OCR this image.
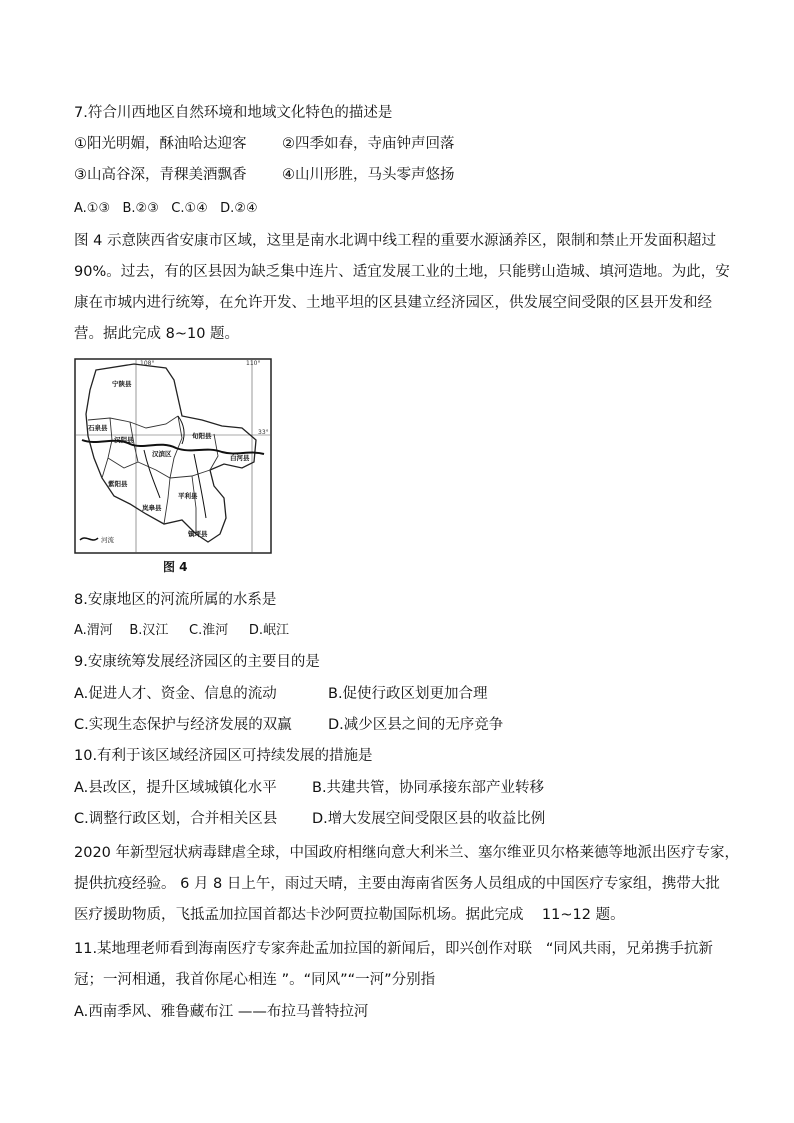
7.符合川西地区自然环境和地域文化特色的描述是
①阳光明媚，酥油哈达迎客 ②四季如春，寺庙钟声回落
③山高谷深，青稞美酒飘香 ④山川形胜，马头零声悠扬
A.①③   B.②③   C.①④   D.②④
图 4 示意陕西省安康市区域，这里是南水北调中线工程的重要水源涵养区，限制和禁止开发面积超过
90%。过去，有的区县因为缺乏集中连片、适宜发展工业的土地，只能劈山造城、填河造地。为此，安
康在市城内进行统筹，在允许开发、土地平坦的区县建立经济园区，供发展空间受限的区县开发和经
营。据此完成 8~10 题。
108°	110°
33°
宁陕县
石泉县
汉阴县
汉滨区
旬阳县
白河县
紫阳县
平利县
岚皋县
镇坪县
河流
图 4
8.安康地区的河流所属的水系是
A.渭河    B.汉江     C.淮河     D.岷江
9.安康统筹发展经济园区的主要目的是
A.促进人才、资金、信息的流动	B.促使行政区划更加合理
C.实现生态保护与经济发展的双赢	D.减少区县之间的无序竞争
10.有利于该区域经济园区可持续发展的措施是
A.县改区，提升区域城镇化水平 B.共建共管，协同承接东部产业转移
C.调整行政区划，合并相关区县 D.增大发展空间受限区县的收益比例
2020 年新型冠状病毒肆虐全球，中国政府相继向意大利米兰、塞尔维亚贝尔格莱德等地派出医疗专家，
提供抗疫经验。 6 月 8 日上午，雨过天晴，主要由海南省医务人员组成的中国医疗专家组，携带大批
医疗援助物质，飞抵孟加拉国首都达卡沙阿贾拉勒国际机场。据此完成    11~12 题。
11.某地理老师看到海南医疗专家奔赴孟加拉国的新闻后，即兴创作对联   “同风共雨，兄弟携手抗新
冠；一河相通，我首你尾心相连 ”。“同风”“一河”分别指
A.西南季风、雅鲁藏布江 ——布拉马普特拉河
